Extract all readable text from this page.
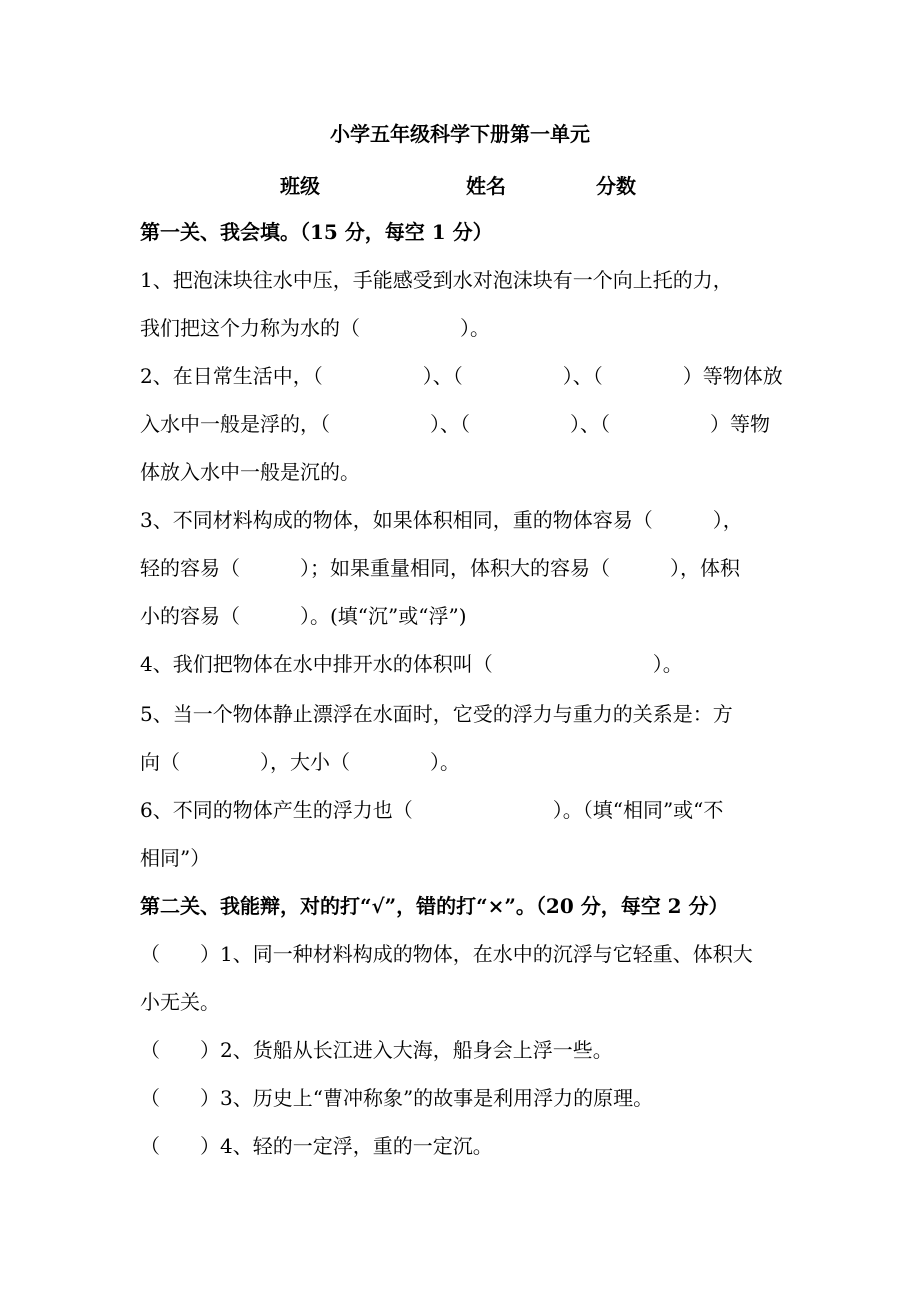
小学五年级科学下册第一单元
班级	姓名	分数
第一关、我会填。（15 分，每空 1 分）
1、把泡沫块往水中压，手能感受到水对泡沫块有一个向上托的力，
我们把这个力称为水的（　　　　　）。
2、在日常生活中，（　　　　　）、（　　　　　）、（　　　　）等物体放
入水中一般是浮的，（　　　　　）、（　　　　　）、（　　　　　）等物
体放入水中一般是沉的。
3、不同材料构成的物体，如果体积相同，重的物体容易（　　　），
轻的容易（　　　）；如果重量相同，体积大的容易（　　　），体积
小的容易（　　　）。(填“沉”或“浮”)
4、我们把物体在水中排开水的体积叫（　　　　　　　　）。
5、当一个物体静止漂浮在水面时，它受的浮力与重力的关系是：方
向（　　　　），大小（　　　　）。
6、不同的物体产生的浮力也（　　　　　　　）。（填“相同”或“不
相同”）
第二关、我能辩，对的打“√”，错的打“×”。（20 分，每空 2 分）
（　　）1、同一种材料构成的物体，在水中的沉浮与它轻重、体积大
小无关。
（　　）2、货船从长江进入大海，船身会上浮一些。
（　　）3、历史上“曹冲称象”的故事是利用浮力的原理。
（　　）4、轻的一定浮，重的一定沉。
